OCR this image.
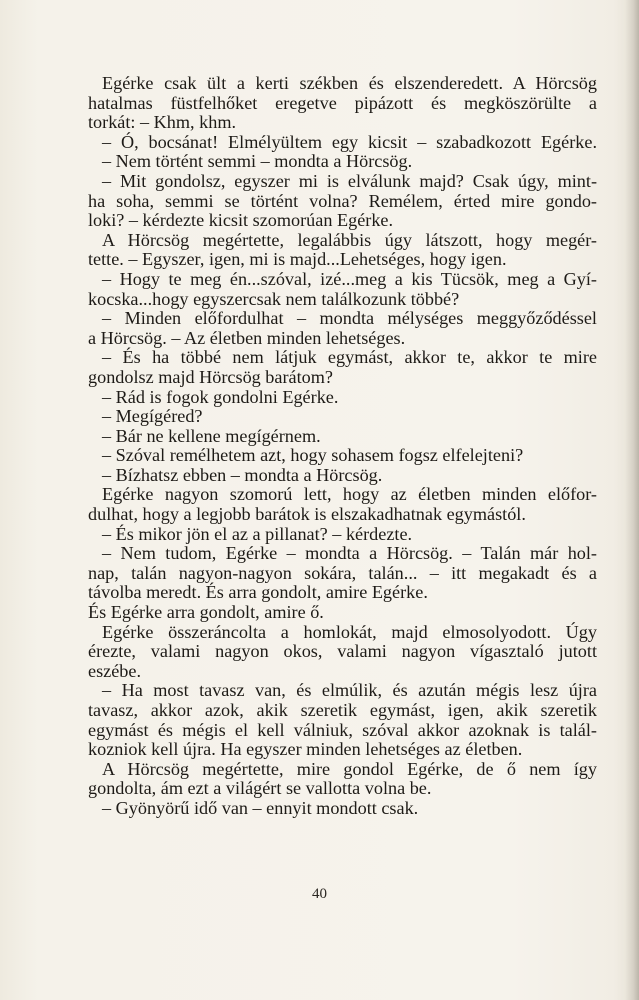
Egérke csak ült a kerti székben és elszenderedett. A Hörcsög
hatalmas füstfelhőket eregetve pipázott és megköszörülte a
torkát: – Khm, khm.
– Ó, bocsánat! Elmélyültem egy kicsit – szabadkozott Egérke.
– Nem történt semmi – mondta a Hörcsög.
– Mit gondolsz, egyszer mi is elválunk majd? Csak úgy, mint-
ha soha, semmi se történt volna? Remélem, érted mire gondo-
loki? – kérdezte kicsit szomorúan Egérke.
A Hörcsög megértette, legalábbis úgy látszott, hogy megér-
tette. – Egyszer, igen, mi is majd...Lehetséges, hogy igen.
– Hogy te meg én...szóval, izé...meg a kis Tücsök, meg a Gyí-
kocska...hogy egyszercsak nem találkozunk többé?
– Minden előfordulhat – mondta mélységes meggyőződéssel
a Hörcsög. – Az életben minden lehetséges.
– És ha többé nem látjuk egymást, akkor te, akkor te mire
gondolsz majd Hörcsög barátom?
– Rád is fogok gondolni Egérke.
– Megígéred?
– Bár ne kellene megígérnem.
– Szóval remélhetem azt, hogy sohasem fogsz elfelejteni?
– Bízhatsz ebben – mondta a Hörcsög.
Egérke nagyon szomorú lett, hogy az életben minden előfor-
dulhat, hogy a legjobb barátok is elszakadhatnak egymástól.
– És mikor jön el az a pillanat? – kérdezte.
– Nem tudom, Egérke – mondta a Hörcsög. – Talán már hol-
nap, talán nagyon-nagyon sokára, talán... – itt megakadt és a
távolba meredt. És arra gondolt, amire Egérke.
És Egérke arra gondolt, amire ő.
Egérke összeráncolta a homlokát, majd elmosolyodott. Úgy
érezte, valami nagyon okos, valami nagyon vígasztaló jutott
eszébe.
– Ha most tavasz van, és elmúlik, és azután mégis lesz újra
tavasz, akkor azok, akik szeretik egymást, igen, akik szeretik
egymást és mégis el kell válniuk, szóval akkor azoknak is talál-
kozniok kell újra. Ha egyszer minden lehetséges az életben.
A Hörcsög megértette, mire gondol Egérke, de ő nem így
gondolta, ám ezt a világért se vallotta volna be.
– Gyönyörű idő van – ennyit mondott csak.
40
